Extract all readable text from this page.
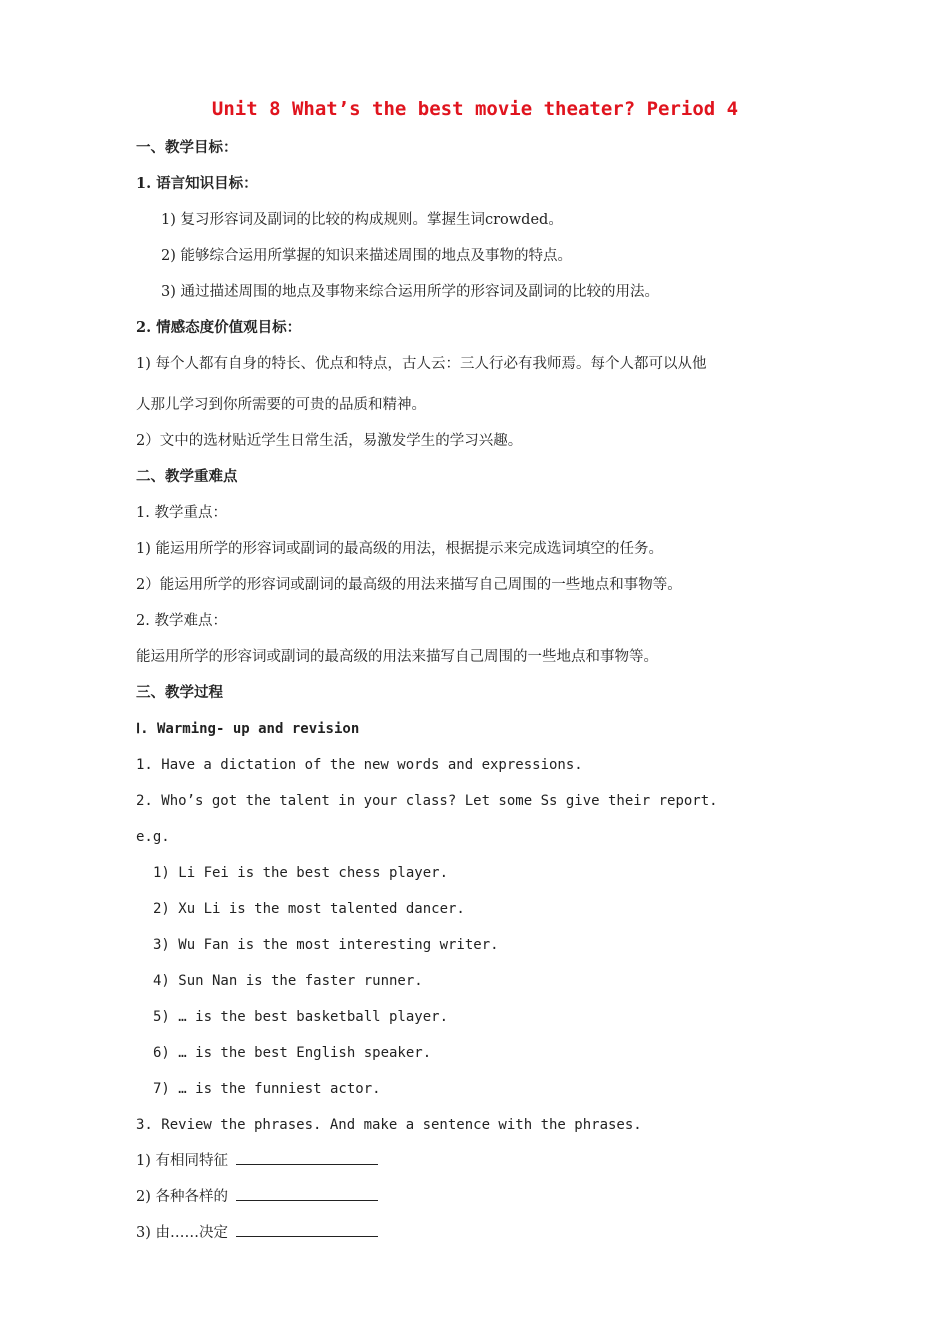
Unit 8 What’s the best movie theater? Period 4
一、教学目标：
1. 语言知识目标：
1) 复习形容词及副词的比较的构成规则。掌握生词crowded。
2) 能够综合运用所掌握的知识来描述周围的地点及事物的特点。
3) 通过描述周围的地点及事物来综合运用所学的形容词及副词的比较的用法。
2. 情感态度价值观目标：
1) 每个人都有自身的特长、优点和特点，古人云：三人行必有我师焉。每个人都可以从他
人那儿学习到你所需要的可贵的品质和精神。
2）文中的选材贴近学生日常生活，易激发学生的学习兴趣。
二、教学重难点
1. 教学重点：
1) 能运用所学的形容词或副词的最高级的用法，根据提示来完成选词填空的任务。
2）能运用所学的形容词或副词的最高级的用法来描写自己周围的一些地点和事物等。
2. 教学难点：
能运用所学的形容词或副词的最高级的用法来描写自己周围的一些地点和事物等。
三、教学过程
Ⅰ. Warming- up and revision
1. Have a dictation of the new words and expressions.
2. Who’s got the talent in your class? Let some Ss give their report.
e.g.
1) Li Fei is the best chess player.
2) Xu Li is the most talented dancer.
3) Wu Fan is the most interesting writer.
4) Sun Nan is the faster runner.
5) … is the best basketball player.
6) … is the best English speaker.
7) … is the funniest actor.
3. Review the phrases. And make a sentence with the phrases.
1) 有相同特征
2) 各种各样的
3) 由……决定
